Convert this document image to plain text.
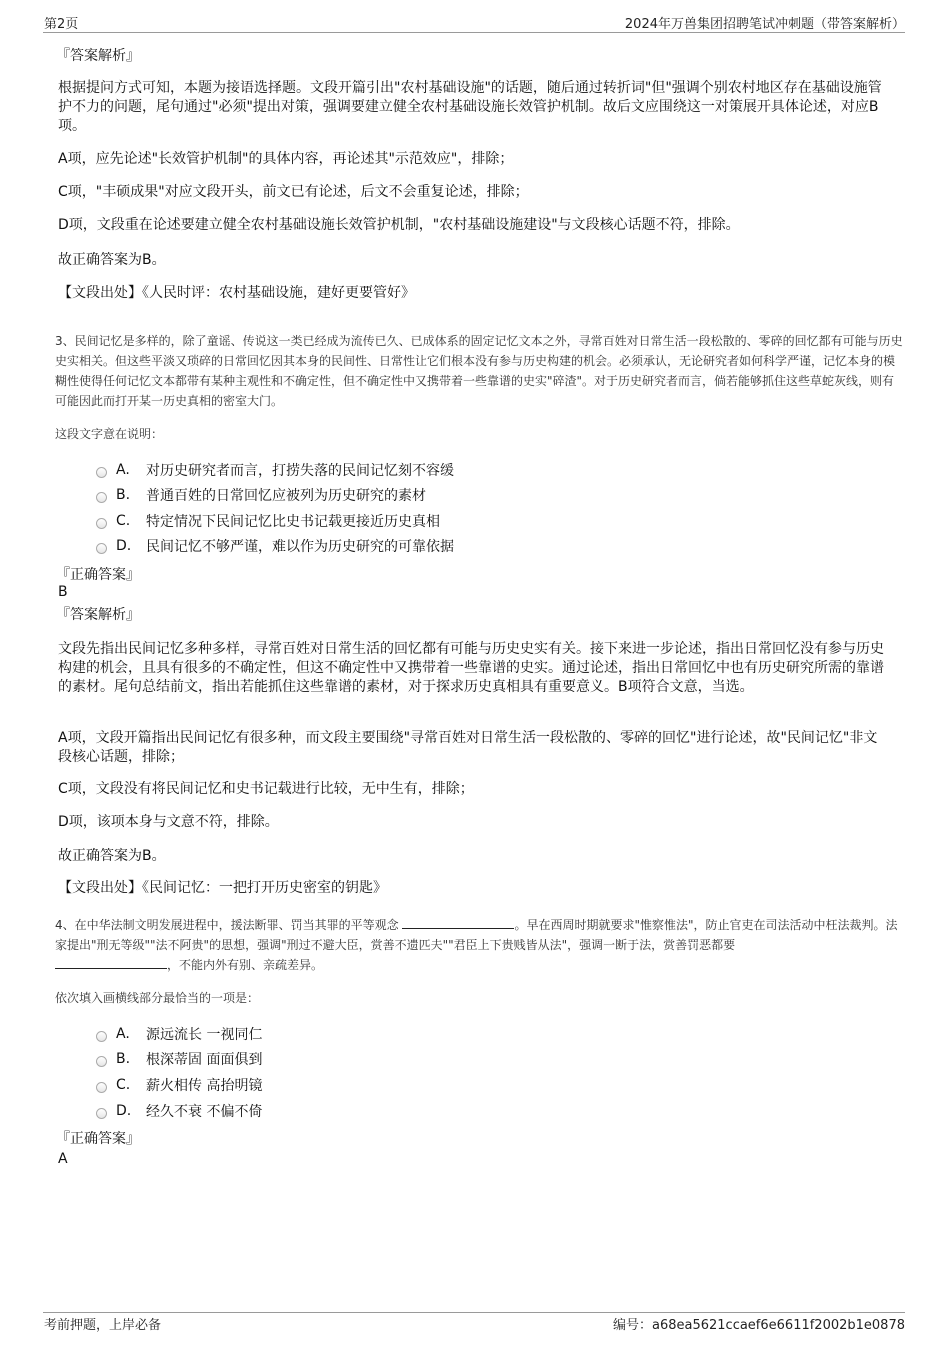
第2页	2024年万兽集团招聘笔试冲刺题（带答案解析）
『答案解析』
根据提问方式可知，本题为接语选择题。文段开篇引出"农村基础设施"的话题，随后通过转折词"但"强调个别农村地区存在基础设施管护不力的问题，尾句通过"必须"提出对策，强调要建立健全农村基础设施长效管护机制。故后文应围绕这一对策展开具体论述，对应B项。
A项，应先论述"长效管护机制"的具体内容，再论述其"示范效应"，排除；
C项，"丰硕成果"对应文段开头，前文已有论述，后文不会重复论述，排除；
D项，文段重在论述要建立健全农村基础设施长效管护机制，"农村基础设施建设"与文段核心话题不符，排除。
故正确答案为B。
【文段出处】《人民时评：农村基础设施，建好更要管好》
3、民间记忆是多样的，除了童谣、传说这一类已经成为流传已久、已成体系的固定记忆文本之外，寻常百姓对日常生活一段松散的、零碎的回忆都有可能与历史史实相关。但这些平淡又琐碎的日常回忆因其本身的民间性、日常性让它们根本没有参与历史构建的机会。必须承认，无论研究者如何科学严谨，记忆本身的模糊性使得任何记忆文本都带有某种主观性和不确定性，但不确定性中又携带着一些靠谱的史实"碎渣"。对于历史研究者而言，倘若能够抓住这些草蛇灰线，则有可能因此而打开某一历史真相的密室大门。
这段文字意在说明：
A.	对历史研究者而言，打捞失落的民间记忆刻不容缓
B.	普通百姓的日常回忆应被列为历史研究的素材
C.	特定情况下民间记忆比史书记载更接近历史真相
D.	民间记忆不够严谨，难以作为历史研究的可靠依据
『正确答案』
B
『答案解析』
文段先指出民间记忆多种多样，寻常百姓对日常生活的回忆都有可能与历史史实有关。接下来进一步论述，指出日常回忆没有参与历史构建的机会，且具有很多的不确定性，但这不确定性中又携带着一些靠谱的史实。通过论述，指出日常回忆中也有历史研究所需的靠谱的素材。尾句总结前文，指出若能抓住这些靠谱的素材，对于探求历史真相具有重要意义。B项符合文意，当选。
A项，文段开篇指出民间记忆有很多种，而文段主要围绕"寻常百姓对日常生活一段松散的、零碎的回忆"进行论述，故"民间记忆"非文段核心话题，排除；
C项，文段没有将民间记忆和史书记载进行比较，无中生有，排除；
D项，该项本身与文意不符，排除。
故正确答案为B。
【文段出处】《民间记忆：一把打开历史密室的钥匙》
4、在中华法制文明发展进程中，援法断罪、罚当其罪的平等观念	。早在西周时期就要求"惟察惟法"，防止官吏在司法活动中枉法裁判。法家提出"刑无等级""法不阿贵"的思想，强调"刑过不避大臣，赏善不遗匹夫""君臣上下贵贱皆从法"，强调一断于法，赏善罚恶都要
，不能内外有别、亲疏差异。
依次填入画横线部分最恰当的一项是：
A.	源远流长 一视同仁
B.	根深蒂固 面面俱到
C.	薪火相传 高抬明镜
D.	经久不衰 不偏不倚
『正确答案』
A
考前押题，上岸必备	编号：a68ea5621ccaef6e6611f2002b1e0878
